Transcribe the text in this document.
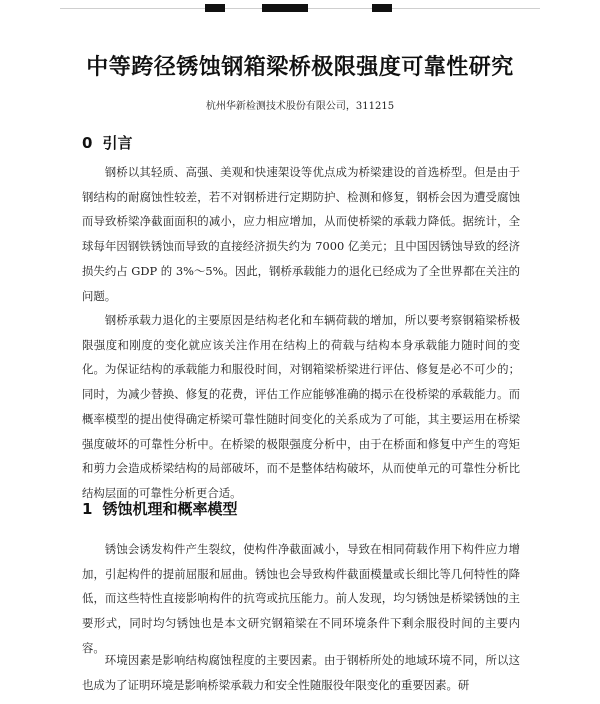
中等跨径锈蚀钢箱梁桥极限强度可靠性研究
杭州华新检测技术股份有限公司，311215
0 引言

钢桥以其轻质、高强、美观和快速架设等优点成为桥梁建设的首选桥型。但是由于钢结构的耐腐蚀性较差，若不对钢桥进行定期防护、检测和修复，钢桥会因为遭受腐蚀而导致桥梁净截面面积的减小，应力相应增加，从而使桥梁的承载力降低。据统计，全球每年因钢铁锈蚀而导致的直接经济损失约为 7000 亿美元；且中国因锈蚀导致的经济损失约占 GDP 的 3%～5%。因此，钢桥承载能力的退化已经成为了全世界都在关注的问题。

钢桥承载力退化的主要原因是结构老化和车辆荷载的增加，所以要考察钢箱梁桥极限强度和刚度的变化就应该关注作用在结构上的荷载与结构本身承载能力随时间的变化。为保证结构的承载能力和服役时间，对钢箱梁桥梁进行评估、修复是必不可少的；同时，为减少替换、修复的花费，评估工作应能够准确的揭示在役桥梁的承载能力。而概率模型的提出使得确定桥梁可靠性随时间变化的关系成为了可能，其主要运用在桥梁强度破坏的可靠性分析中。在桥梁的极限强度分析中，由于在桥面和修复中产生的弯矩和剪力会造成桥梁结构的局部破坏，而不是整体结构破坏，从而使单元的可靠性分析比结构层面的可靠性分析更合适。

1 锈蚀机理和概率模型

锈蚀会诱发构件产生裂纹，使构件净截面减小，导致在相同荷载作用下构件应力增加，引起构件的提前屈服和屈曲。锈蚀也会导致构件截面模量或长细比等几何特性的降低，而这些特性直接影响构件的抗弯或抗压能力。前人发现，均匀锈蚀是桥梁锈蚀的主要形式，同时均匀锈蚀也是本文研究钢箱梁在不同环境条件下剩余服役时间的主要内容。

环境因素是影响结构腐蚀程度的主要因素。由于钢桥所处的地域环境不同，所以这也成为了证明环境是影响桥梁承载力和安全性随服役年限变化的重要因素。研
